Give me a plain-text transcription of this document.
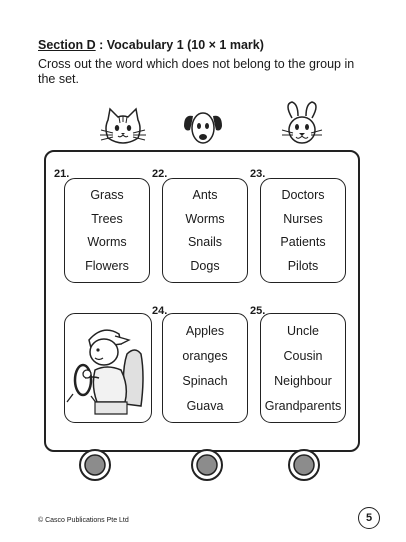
Section D : Vocabulary 1 (10 × 1 mark)
Cross out the word which does not belong to the group in the set.
21.	22.	23.
24.	25.
Grass
Trees
Worms
Flowers
Ants
Worms
Snails
Dogs
Doctors
Nurses
Patients
Pilots
Apples
oranges
Spinach
Guava
Uncle
Cousin
Neighbour
Grandparents
© Casco Publications Pte Ltd	5
